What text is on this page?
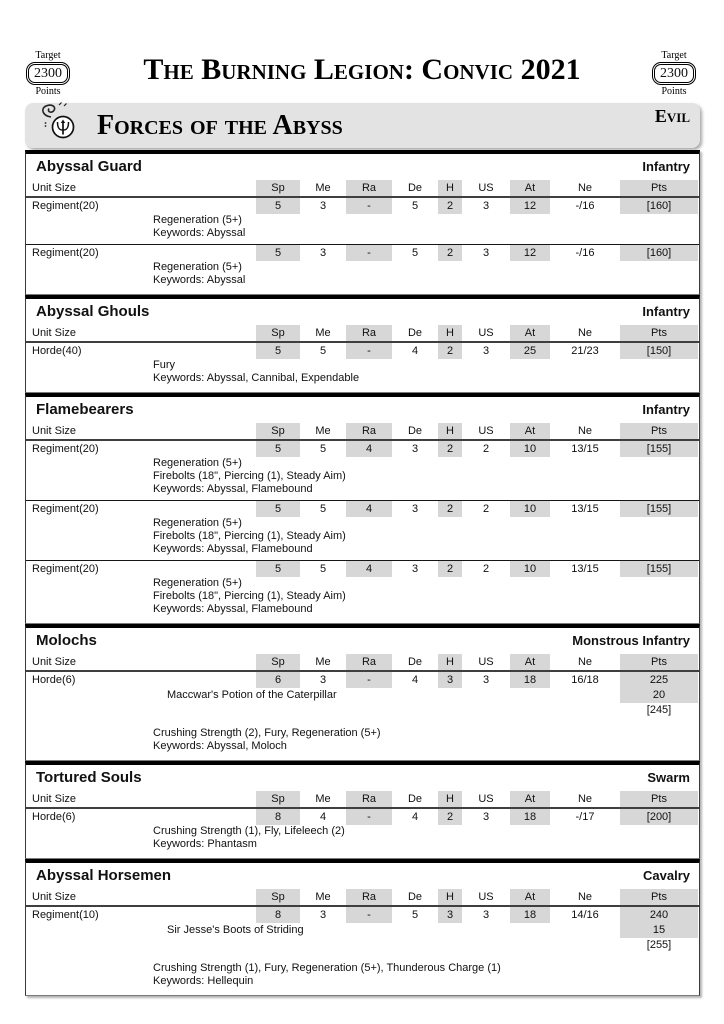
Target
2300
Points
The Burning Legion: Convic 2021	Target
2300
Points
Forces of the Abyss	Evil
Abyssal Guard	Infantry
Unit Size	Sp	Me	Ra	De	H	US	At	Ne	Pts
Regiment(20)	5	3	-	5	2	3	12	-/16	[160]
Regeneration (5+)
Keywords: Abyssal
Regiment(20)	5	3	-	5	2	3	12	-/16	[160]
Regeneration (5+)
Keywords: Abyssal
Abyssal Ghouls	Infantry
Unit Size	Sp	Me	Ra	De	H	US	At	Ne	Pts
Horde(40)	5	5	-	4	2	3	25	21/23	[150]
Fury
Keywords: Abyssal, Cannibal, Expendable
Flamebearers	Infantry
Unit Size	Sp	Me	Ra	De	H	US	At	Ne	Pts
Regiment(20)	5	5	4	3	2	2	10	13/15	[155]
Regeneration (5+)
Firebolts (18", Piercing (1), Steady Aim)
Keywords: Abyssal, Flamebound
Regiment(20)	5	5	4	3	2	2	10	13/15	[155]
Regeneration (5+)
Firebolts (18", Piercing (1), Steady Aim)
Keywords: Abyssal, Flamebound
Regiment(20)	5	5	4	3	2	2	10	13/15	[155]
Regeneration (5+)
Firebolts (18", Piercing (1), Steady Aim)
Keywords: Abyssal, Flamebound
Molochs	Monstrous Infantry
Unit Size	Sp	Me	Ra	De	H	US	At	Ne	Pts
Horde(6)	6	3	-	4	3	3	18	16/18	225
Maccwar's Potion of the Caterpillar	20
[245]
Crushing Strength (2), Fury, Regeneration (5+)
Keywords: Abyssal, Moloch
Tortured Souls	Swarm
Unit Size	Sp	Me	Ra	De	H	US	At	Ne	Pts
Horde(6)	8	4	-	4	2	3	18	-/17	[200]
Crushing Strength (1), Fly, Lifeleech (2)
Keywords: Phantasm
Abyssal Horsemen	Cavalry
Unit Size	Sp	Me	Ra	De	H	US	At	Ne	Pts
Regiment(10)	8	3	-	5	3	3	18	14/16	240
Sir Jesse's Boots of Striding	15
[255]
Crushing Strength (1), Fury, Regeneration (5+), Thunderous Charge (1)
Keywords: Hellequin
